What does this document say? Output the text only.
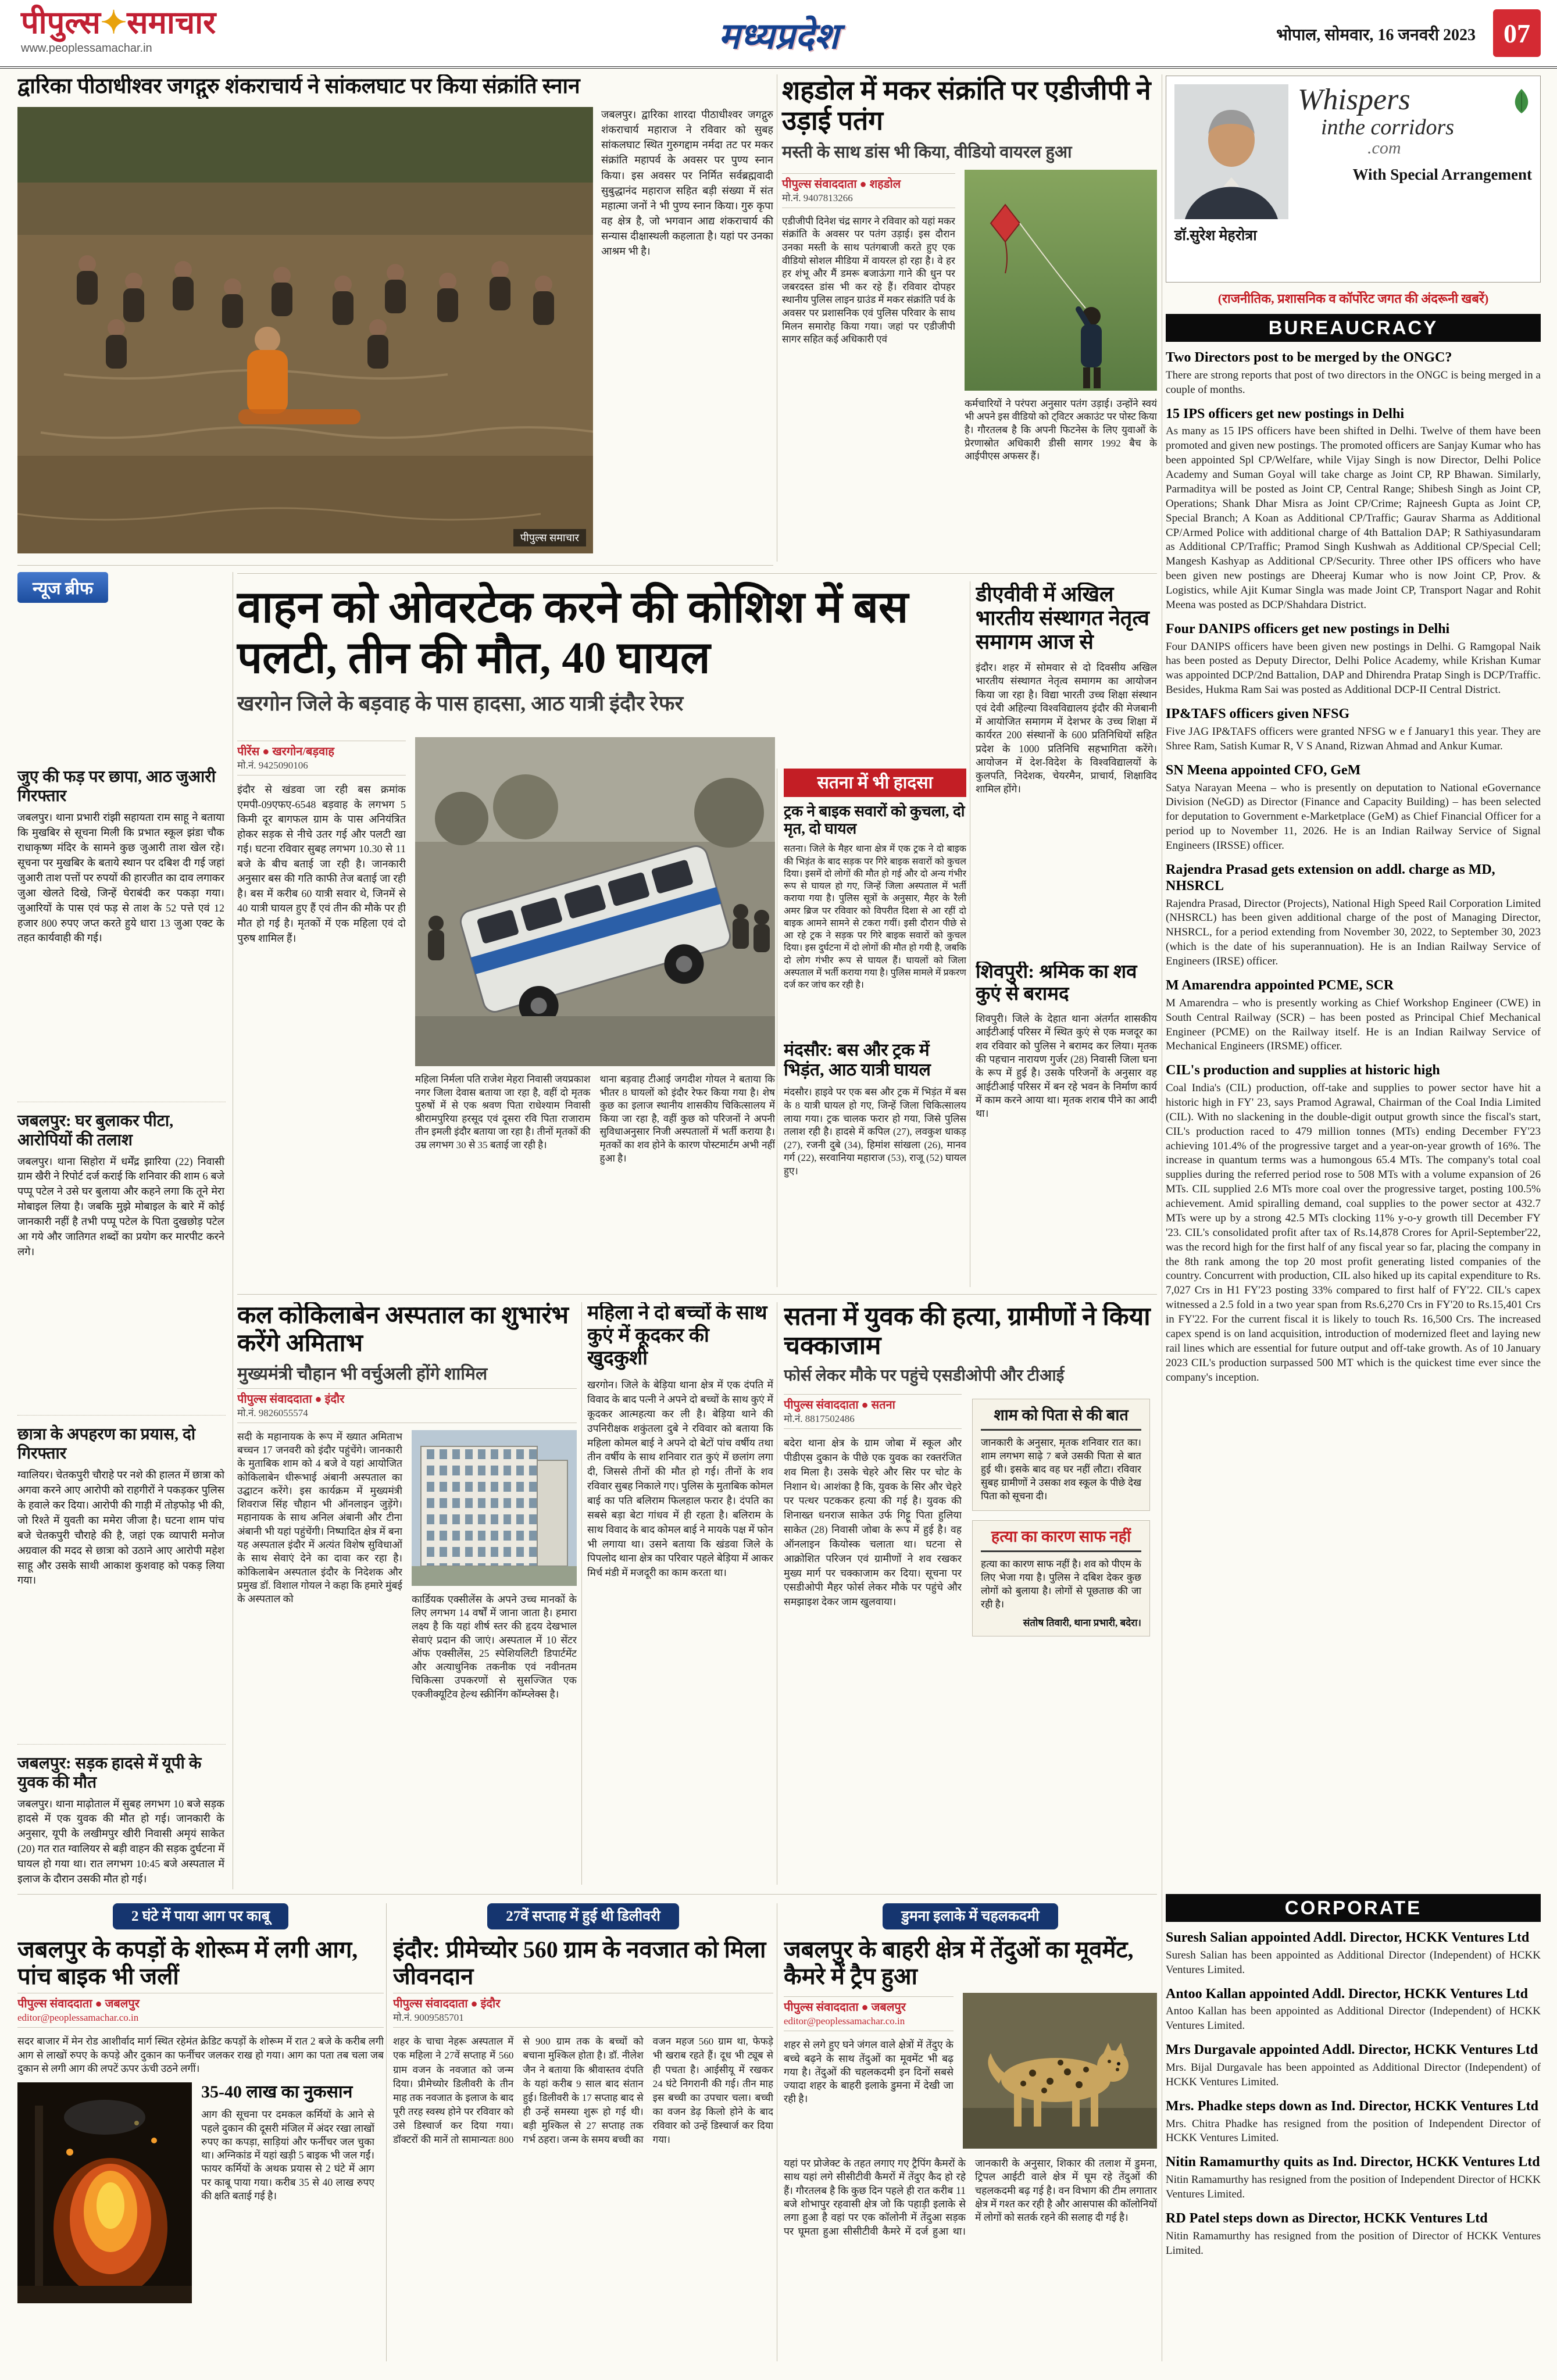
पीपुल्स✦समाचार
www.peoplessamachar.in	मध्यप्रदेश	भोपाल, सोमवार, 16 जनवरी 2023	07
द्वारिका पीठाधीश्वर जगद्गुरु शंकराचार्य ने सांकलघाट पर किया संक्रांति स्नान
पीपुल्स समाचार
जबलपुर। द्वारिका शारदा पीठाधीश्वर जगद्गुरु शंकराचार्य महाराज ने रविवार को सुबह सांकलघाट स्थित गुरुगद्दाम नर्मदा तट पर मकर संक्रांति महापर्व के अवसर पर पुण्य स्नान किया। इस अवसर पर निर्मित सर्वब्रह्मवादी सुबुद्धानंद महाराज सहित बड़ी संख्या में संत महात्मा जनों ने भी पुण्य स्नान किया। गुरु कृपा वह क्षेत्र है, जो भगवान आद्य शंकराचार्य की सन्यास दीक्षास्थली कहलाता है। यहां पर उनका आश्रम भी है।
शहडोल में मकर संक्रांति पर एडीजीपी ने उड़ाई पतंग
मस्ती के साथ डांस भी किया, वीडियो वायरल हुआ
पीपुल्स संवाददाता ● शहडोल
मो.नं. 9407813266
एडीजीपी दिनेश चंद्र सागर ने रविवार को यहां मकर संक्रांति के अवसर पर पतंग उड़ाई। इस दौरान उनका मस्ती के साथ पतंगबाजी करते हुए एक वीडियो सोशल मीडिया में वायरल हो रहा है। वे हर हर शंभू और मैं डमरू बजाऊंगा गाने की धुन पर जबरदस्त डांस भी कर रहे हैं। रविवार दोपहर स्थानीय पुलिस लाइन ग्राउंड में मकर संक्रांति पर्व के अवसर पर प्रशासनिक एवं पुलिस परिवार के साथ मिलन समारोह किया गया। जहां पर एडीजीपी सागर सहित कई अधिकारी एवं
कर्मचारियों ने परंपरा अनुसार पतंग उड़ाई। उन्होंने स्वयं भी अपने इस वीडियो को ट्विटर अकाउंट पर पोस्ट किया है। गौरतलब है कि अपनी फिटनेस के लिए युवाओं के प्रेरणास्रोत अधिकारी डीसी सागर 1992 बैच के आईपीएस अफसर हैं।
Whispers
inthe corridors
.com
With Special Arrangement
डॉ.सुरेश मेहरोत्रा
(राजनीतिक, प्रशासनिक व कॉर्पोरेट जगत की अंदरूनी खबरें)
BUREAUCRACY
Two Directors post to be merged by the ONGC?
There are strong reports that post of two directors in the ONGC is being merged in a couple of months.
15 IPS officers get new postings in Delhi
As many as 15 IPS officers have been shifted in Delhi. Twelve of them have been promoted and given new postings. The promoted officers are Sanjay Kumar who has been appointed Spl CP/Welfare, while Vijay Singh is now Director, Delhi Police Academy and Suman Goyal will take charge as Joint CP, RP Bhawan. Similarly, Parmaditya will be posted as Joint CP, Central Range; Shibesh Singh as Joint CP, Operations; Shank Dhar Misra as Joint CP/Crime; Rajneesh Gupta as Joint CP, Special Branch; A Koan as Additional CP/Traffic; Gaurav Sharma as Additional CP/Armed Police with additional charge of 4th Battalion DAP; R Sathiyasundaram as Additional CP/Traffic; Pramod Singh Kushwah as Additional CP/Special Cell; Mangesh Kashyap as Additional CP/Security. Three other IPS officers who have been given new postings are Dheeraj Kumar who is now Joint CP, Prov. & Logistics, while Ajit Kumar Singla was made Joint CP, Transport Nagar and Rohit Meena was posted as DCP/Shahdara District.
Four DANIPS officers get new postings in Delhi
Four DANIPS officers have been given new postings in Delhi. G Ramgopal Naik has been posted as Deputy Director, Delhi Police Academy, while Krishan Kumar was appointed DCP/2nd Battalion, DAP and Dhirendra Pratap Singh is DCP/Traffic. Besides, Hukma Ram Sai was posted as Additional DCP-II Central District.
IP&TAFS officers given NFSG
Five JAG IP&TAFS officers were granted NFSG w e f January1 this year. They are Shree Ram, Satish Kumar R, V S Anand, Rizwan Ahmad and Ankur Kumar.
SN Meena appointed CFO, GeM
Satya Narayan Meena – who is presently on deputation to National eGovernance Division (NeGD) as Director (Finance and Capacity Building) – has been selected for deputation to Government e-Marketplace (GeM) as Chief Financial Officer for a period up to November 11, 2026. He is an Indian Railway Service of Signal Engineers (IRSSE) officer.
Rajendra Prasad gets extension on addl. charge as MD, NHSRCL
Rajendra Prasad, Director (Projects), National High Speed Rail Corporation Limited (NHSRCL) has been given additional charge of the post of Managing Director, NHSRCL, for a period extending from November 30, 2022, to September 30, 2023 (which is the date of his superannuation). He is an Indian Railway Service of Engineers (IRSE) officer.
M Amarendra appointed PCME, SCR
M Amarendra – who is presently working as Chief Workshop Engineer (CWE) in South Central Railway (SCR) – has been posted as Principal Chief Mechanical Engineer (PCME) on the Railway itself. He is an Indian Railway Service of Mechanical Engineers (IRSME) officer.
CIL's production and supplies at historic high
Coal India's (CIL) production, off-take and supplies to power sector have hit a historic high in FY' 23, says Pramod Agrawal, Chairman of the Coal India Limited (CIL). With no slackening in the double-digit output growth since the fiscal's start, CIL's production raced to 479 million tonnes (MTs) ending December FY'23 achieving 101.4% of the progressive target and a year-on-year growth of 16%. The increase in quantum terms was a humongous 65.4 MTs. The company's total coal supplies during the referred period rose to 508 MTs with a volume expansion of 26 MTs. CIL supplied 2.6 MTs more coal over the progressive target, posting 100.5% achievement. Amid spiralling demand, coal supplies to the power sector at 432.7 MTs were up by a strong 42.5 MTs clocking 11% y-o-y growth till December FY '23. CIL's consolidated profit after tax of Rs.14,878 Crores for April-September'22, was the record high for the first half of any fiscal year so far, placing the company in the 8th rank among the top 20 most profit generating listed companies of the country. Concurrent with production, CIL also hiked up its capital expenditure to Rs. 7,027 Crs in H1 FY'23 posting 33% compared to first half of FY'22. CIL's capex witnessed a 2.5 fold in a two year span from Rs.6,270 Crs in FY'20 to Rs.15,401 Crs in FY'22. For the current fiscal it is likely to touch Rs. 16,500 Crs. The increased capex spend is on land acquisition, introduction of modernized fleet and laying new rail lines which are essential for future output and off-take growth. As of 10 January 2023 CIL's production surpassed 500 MT which is the quickest time ever since the company's inception.
न्यूज ब्रीफ
जुए की फड़ पर छापा, आठ जुआरी गिरफ्तार
जबलपुर। थाना प्रभारी रांझी सहायता राम साहू ने बताया कि मुखबिर से सूचना मिली कि प्रभात स्कूल झंडा चौक राधाकृष्ण मंदिर के सामने कुछ जुआरी ताश खेल रहे। सूचना पर मुखबिर के बताये स्थान पर दबिश दी गई जहां जुआरी ताश पत्तों पर रुपयों की हारजीत का दाव लगाकर जुआ खेलते दिखे, जिन्हें घेराबंदी कर पकड़ा गया। जुआरियों के पास एवं फड़ से ताश के 52 पत्ते एवं 12 हजार 800 रुपए जप्त करते हुये धारा 13 जुआ एक्ट के तहत कार्यवाही की गई।
जबलपुर: घर बुलाकर पीटा, आरोपियों की तलाश
जबलपुर। थाना सिहोरा में धर्मेंद्र झारिया (22) निवासी ग्राम खैरी ने रिपोर्ट दर्ज कराई कि शनिवार की शाम 6 बजे पप्पू पटेल ने उसे घर बुलाया और कहने लगा कि तूने मेरा मोबाइल लिया है। जबकि मुझे मोबाइल के बारे में कोई जानकारी नहीं है तभी पप्पू पटेल के पिता दुखछोड़ पटेल आ गये और जातिगत शब्दों का प्रयोग कर मारपीट करने लगे।
छात्रा के अपहरण का प्रयास, दो गिरफ्तार
ग्वालियर। चेतकपुरी चौराहे पर नशे की हालत में छात्रा को अगवा करने आए आरोपी को राहगीरों ने पकड़कर पुलिस के हवाले कर दिया। आरोपी की गाड़ी में तोड़फोड़ भी की, जो रिश्ते में युवती का ममेरा जीजा है। घटना शाम पांच बजे चेतकपुरी चौराहे की है, जहां एक व्यापारी मनोज अग्रवाल की मदद से छात्रा को उठाने आए आरोपी महेश साहू और उसके साथी आकाश कुशवाह को पकड़ लिया गया।
जबलपुर: सड़क हादसे में यूपी के युवक की मौत
जबलपुर। थाना माढ़ोताल में सुबह लगभग 10 बजे सड़क हादसे में एक युवक की मौत हो गई। जानकारी के अनुसार, यूपी के लखीमपुर खीरी निवासी अमृयं साकेत (20) गत रात ग्वालियर से बड़ी वाहन की सड़क दुर्घटना में घायल हो गया था। रात लगभग 10:45 बजे अस्पताल में इलाज के दौरान उसकी मौत हो गई।
वाहन को ओवरटेक करने की कोशिश में बस पलटी, तीन की मौत, 40 घायल
खरगोन जिले के बड़वाह के पास हादसा, आठ यात्री इंदौर रेफर
पीरेंस ● खरगोन/बड़वाह
मो.नं. 9425090106
इंदौर से खंडवा जा रही बस क्रमांक एमपी-09एफए-6548 बड़वाह के लगभग 5 किमी दूर बागफल ग्राम के पास अनियंत्रित होकर सड़क से नीचे उतर गई और पलटी खा गई। घटना रविवार सुबह लगभग 10.30 से 11 बजे के बीच बताई जा रही है। जानकारी अनुसार बस की गति काफी तेज बताई जा रही है। बस में करीब 60 यात्री सवार थे, जिनमें से 40 यात्री घायल हुए हैं एवं तीन की मौके पर ही मौत हो गई है। मृतकों में एक महिला एवं दो पुरुष शामिल हैं।
महिला निर्मला पति राजेश मेहरा निवासी जयप्रकाश नगर जिला देवास बताया जा रहा है, वहीं दो मृतक पुरुषों में से एक श्रवण पिता राधेश्याम निवासी श्रीरामपुरिया हरसूद एवं दूसरा रवि पिता राजाराम तीन इमली इंदौर बताया जा रहा है। तीनों मृतकों की उम्र लगभग 30 से 35 बताई जा रही है।
थाना बड़वाह टीआई जगदीश गोयल ने बताया कि भीतर 8 घायलों को इंदौर रेफर किया गया है। शेष कुछ का इलाज स्थानीय शासकीय चिकित्सालय में किया जा रहा है, वहीं कुछ को परिजनों ने अपनी सुविधाअनुसार निजी अस्पतालों में भर्ती कराया है। मृतकों का शव होने के कारण पोस्टमार्टम अभी नहीं हुआ है।
सतना में भी हादसा
ट्रक ने बाइक सवारों को कुचला, दो मृत, दो घायल
सतना। जिले के मैहर थाना क्षेत्र में एक ट्रक ने दो बाइक की भिड़ंत के बाद सड़क पर गिरे बाइक सवारों को कुचल दिया। इसमें दो लोगों की मौत हो गई और दो अन्य गंभीर रूप से घायल हो गए, जिन्हें जिला अस्पताल में भर्ती कराया गया है। पुलिस सूत्रों के अनुसार, मैहर के रैली अमर ब्रिज पर रविवार को विपरीत दिशा से आ रहीं दो बाइक आमने सामने से टकरा गयीं। इसी दौरान पीछे से आ रहे ट्रक ने सड़क पर गिरे बाइक सवारों को कुचल दिया। इस दुर्घटना में दो लोगों की मौत हो गयी है, जबकि दो लोग गंभीर रूप से घायल हैं। घायलों को जिला अस्पताल में भर्ती कराया गया है। पुलिस मामले में प्रकरण दर्ज कर जांच कर रही है।
मंदसौर: बस और ट्रक में भिड़ंत, आठ यात्री घायल
मंदसौर। हाइवे पर एक बस और ट्रक में भिड़ंत में बस के 8 यात्री घायल हो गए, जिन्हें जिला चिकित्सालय लाया गया। ट्रक चालक फरार हो गया, जिसे पुलिस तलाश रही है। हादसे में कपिल (27), लवकुश धाकड़ (27), रजनी दुबे (34), हिमांश सांखला (26), मानव गर्ग (22), सरवानिया महाराज (53), राजू (52) घायल हुए।
डीएवीवी में अखिल भारतीय संस्थागत नेतृत्व समागम आज से
इंदौर। शहर में सोमवार से दो दिवसीय अखिल भारतीय संस्थागत नेतृत्व समागम का आयोजन किया जा रहा है। विद्या भारती उच्च शिक्षा संस्थान एवं देवी अहिल्या विश्वविद्यालय इंदौर की मेजबानी में आयोजित समागम में देशभर के उच्च शिक्षा में कार्यरत 200 संस्थानों के 600 प्रतिनिधियों सहित प्रदेश के 1000 प्रतिनिधि सहभागिता करेंगे। आयोजन में देश-विदेश के विश्वविद्यालयों के कुलपति, निदेशक, चेयरमैन, प्राचार्य, शिक्षाविद शामिल होंगे।
शिवपुरी: श्रमिक का शव कुएं से बरामद
शिवपुरी। जिले के देहात थाना अंतर्गत शासकीय आईटीआई परिसर में स्थित कुएं से एक मजदूर का शव रविवार को पुलिस ने बरामद कर लिया। मृतक की पहचान नारायण गुर्जर (28) निवासी जिला घना के रूप में हुई है। उसके परिजनों के अनुसार वह आईटीआई परिसर में बन रहे भवन के निर्माण कार्य में काम करने आया था। मृतक शराब पीने का आदी था।
कल कोकिलाबेन अस्पताल का शुभारंभ करेंगे अमिताभ
मुख्यमंत्री चौहान भी वर्चुअली होंगे शामिल
पीपुल्स संवाददाता ● इंदौर
मो.नं. 9826055574
सदी के महानायक के रूप में ख्यात अमिताभ बच्चन 17 जनवरी को इंदौर पहुंचेंगे। जानकारी के मुताबिक शाम को 4 बजे वे यहां आयोजित कोकिलाबेन धीरूभाई अंबानी अस्पताल का उद्घाटन करेंगे। इस कार्यक्रम में मुख्यमंत्री शिवराज सिंह चौहान भी ऑनलाइन जुड़ेंगे। महानायक के साथ अनिल अंबानी और टीना अंबानी भी यहां पहुंचेंगी। निष्पादित क्षेत्र में बना यह अस्पताल इंदौर में अत्यंत विशेष सुविधाओं के साथ सेवाएं देने का दावा कर रहा है। कोकिलाबेन अस्पताल इंदौर के निदेशक और प्रमुख डॉ. विशाल गोयल ने कहा कि हमारे मुंबई के अस्पताल को	कार्डियक एक्सीलेंस के अपने उच्च मानकों के लिए लगभग 14 वर्षों में जाना जाता है। हमारा लक्ष्य है कि यहां शीर्ष स्तर की हृदय देखभाल सेवाएं प्रदान की जाएं। अस्पताल में 10 सेंटर ऑफ एक्सीलेंस, 25 स्पेशियलिटी डिपार्टमेंट और अत्याधुनिक तकनीक एवं नवीनतम चिकित्सा उपकरणों से सुसज्जित एक एक्जीक्यूटिव हेल्थ स्क्रीनिंग कॉम्प्लेक्स है।
महिला ने दो बच्चों के साथ कुएं में कूदकर की खुदकुशी
खरगोन। जिले के बेड़िया थाना क्षेत्र में एक दंपति में विवाद के बाद पत्नी ने अपने दो बच्चों के साथ कुएं में कूदकर आत्महत्या कर ली है। बेड़िया थाने की उपनिरीक्षक शकुंतला दुबे ने रविवार को बताया कि महिला कोमल बाई ने अपने दो बेटों पांच वर्षीय तथा तीन वर्षीय के साथ शनिवार रात कुएं में छलांग लगा दी, जिससे तीनों की मौत हो गई। तीनों के शव रविवार सुबह निकाले गए। पुलिस के मुताबिक कोमल बाई का पति बलिराम फिलहाल फरार है। दंपति का सबसे बड़ा बेटा गांधव में ही रहता है। बलिराम के साथ विवाद के बाद कोमल बाई ने मायके पक्ष में फोन भी लगाया था। उसने बताया कि खंडवा जिले के पिपलोद थाना क्षेत्र का परिवार पहले बेड़िया में आकर मिर्च मंडी में मजदूरी का काम करता था।
सतना में युवक की हत्या, ग्रामीणों ने किया चक्काजाम
फोर्स लेकर मौके पर पहुंचे एसडीओपी और टीआई
पीपुल्स संवाददाता ● सतना
मो.नं. 8817502486
बदेरा थाना क्षेत्र के ग्राम जोबा में स्कूल और पीडीएस दुकान के पीछे एक युवक का रक्तरंजित शव मिला है। उसके चेहरे और सिर पर चोट के निशान थे। आशंका है कि, युवक के सिर और चेहरे पर पत्थर पटककर हत्या की गई है। युवक की शिनाख्त धनराज साकेत उर्फ गिट्टू पिता हुलिया साकेत (28) निवासी जोबा के रूप में हुई है। वह ऑनलाइन कियोस्क चलाता था। घटना से आक्रोशित परिजन एवं ग्रामीणों ने शव रखकर मुख्य मार्ग पर चक्काजाम कर दिया। सूचना पर एसडीओपी मैहर फोर्स लेकर मौके पर पहुंचे और समझाइश देकर जाम खुलवाया।
शाम को पिता से की बात
जानकारी के अनुसार, मृतक शनिवार रात का। शाम लगभग साढ़े 7 बजे उसकी पिता से बात हुई थी। इसके बाद वह घर नहीं लौटा। रविवार सुबह ग्रामीणों ने उसका शव स्कूल के पीछे देख पिता को सूचना दी।
हत्या का कारण साफ नहीं
हत्या का कारण साफ नहीं है। शव को पीएम के लिए भेजा गया है। पुलिस ने दबिश देकर कुछ लोगों को बुलाया है। लोगों से पूछताछ की जा रही है।
संतोष तिवारी, थाना प्रभारी, बदेरा।
2 घंटे में पाया आग पर काबू
जबलपुर के कपड़ों के शोरूम में लगी आग, पांच बाइक भी जलीं
पीपुल्स संवाददाता ● जबलपुर
editor@peoplessamachar.co.in
सदर बाजार में मेन रोड आशीर्वाद मार्ग स्थित रहेमंत क्रेडिट कपड़ों के शोरूम में रात 2 बजे के करीब लगी आग से लाखों रुपए के कपड़े और दुकान का फर्नीचर जलकर राख हो गया। आग का पता तब चला जब दुकान से लगी आग की लपटें ऊपर ऊंची उठने लगीं।
35-40 लाख का नुकसान
आग की सूचना पर दमकल कर्मियों के आने से पहले दुकान की दूसरी मंजिल में अंदर रखा लाखों रुपए का कपड़ा, साड़ियां और फर्नीचर जल चुका था। अग्निकांड में यहां खड़ी 5 बाइक भी जल गईं। फायर कर्मियों के अथक प्रयास से 2 घंटे में आग पर काबू पाया गया। करीब 35 से 40 लाख रुपए की क्षति बताई गई है।
27वें सप्ताह में हुई थी डिलीवरी
इंदौर: प्रीमेच्योर 560 ग्राम के नवजात को मिला जीवनदान
पीपुल्स संवाददाता ● इंदौर
मो.नं. 9009585701
शहर के चाचा नेहरू अस्पताल में एक महिला ने 27वें सप्ताह में 560 ग्राम वजन के नवजात को जन्म दिया। प्रीमेच्योर डिलीवरी के तीन माह तक नवजात के इलाज के बाद पूरी तरह स्वस्थ होने पर रविवार को उसे डिस्चार्ज कर दिया गया। डॉक्टरों की मानें तो सामान्यतः 800 से 900 ग्राम तक के बच्चों को बचाना मुश्किल होता है। डॉ. नीलेश जैन ने बताया कि श्रीवास्तव दंपति के यहां करीब 9 साल बाद संतान हुई। डिलीवरी के 17 सप्ताह बाद से ही उन्हें समस्या शुरू हो गई थी। बड़ी मुश्किल से 27 सप्ताह तक गर्भ ठहरा। जन्म के समय बच्ची का वजन महज 560 ग्राम था, फेफड़े भी खराब रहते हैं। दूध भी ट्यूब से ही पचता है। आईसीयू में रखकर 24 घंटे निगरानी की गई। तीन माह इस बच्ची का उपचार चला। बच्ची का वजन डेढ़ किलो होने के बाद रविवार को उन्हें डिस्चार्ज कर दिया गया।
डुमना इलाके में चहलकदमी
जबलपुर के बाहरी क्षेत्र में तेंदुओं का मूवमेंट, कैमरे में ट्रैप हुआ
पीपुल्स संवाददाता ● जबलपुर
editor@peoplessamachar.co.in
शहर से लगे हुए घने जंगल वाले क्षेत्रों में तेंदुए के बच्चे बढ़ने के साथ तेंदुओं का मूवमेंट भी बढ़ गया है। तेंदुओं की चहलकदमी इन दिनों सबसे ज्यादा शहर के बाहरी इलाके डुमना में देखी जा रही है।
यहां पर प्रोजेक्ट के तहत लगाए गए ट्रैपिंग कैमरों के साथ यहां लगे सीसीटीवी कैमरों में तेंदुए कैद हो रहे हैं। गौरतलब है कि कुछ दिन पहले ही रात करीब 11 बजे शोभापुर रहवासी क्षेत्र जो कि पहाड़ी इलाके से लगा हुआ है वहां पर एक कॉलोनी में तेंदुआ सड़क पर घूमता हुआ सीसीटीवी कैमरे में दर्ज हुआ था। जानकारी के अनुसार, शिकार की तलाश में डुमना, ट्रिपल आईटी वाले क्षेत्र में घूम रहे तेंदुओं की चहलकदमी बढ़ गई है। वन विभाग की टीम लगातार क्षेत्र में गश्त कर रही है और आसपास की कॉलोनियों में लोगों को सतर्क रहने की सलाह दी गई है।
CORPORATE
Suresh Salian appointed Addl. Director, HCKK Ventures Ltd
Suresh Salian has been appointed as Additional Director (Independent) of HCKK Ventures Limited.
Antoo Kallan appointed Addl. Director, HCKK Ventures Ltd
Antoo Kallan has been appointed as Additional Director (Independent) of HCKK Ventures Limited.
Mrs Durgavale appointed Addl. Director, HCKK Ventures Ltd
Mrs. Bijal Durgavale has been appointed as Additional Director (Independent) of HCKK Ventures Limited.
Mrs. Phadke steps down as Ind. Director, HCKK Ventures Ltd
Mrs. Chitra Phadke has resigned from the position of Independent Director of HCKK Ventures Limited.
Nitin Ramamurthy quits as Ind. Director, HCKK Ventures Ltd
Nitin Ramamurthy has resigned from the position of Independent Director of HCKK Ventures Limited.
RD Patel steps down as Director, HCKK Ventures Ltd
Nitin Ramamurthy has resigned from the position of Director of HCKK Ventures Limited.
